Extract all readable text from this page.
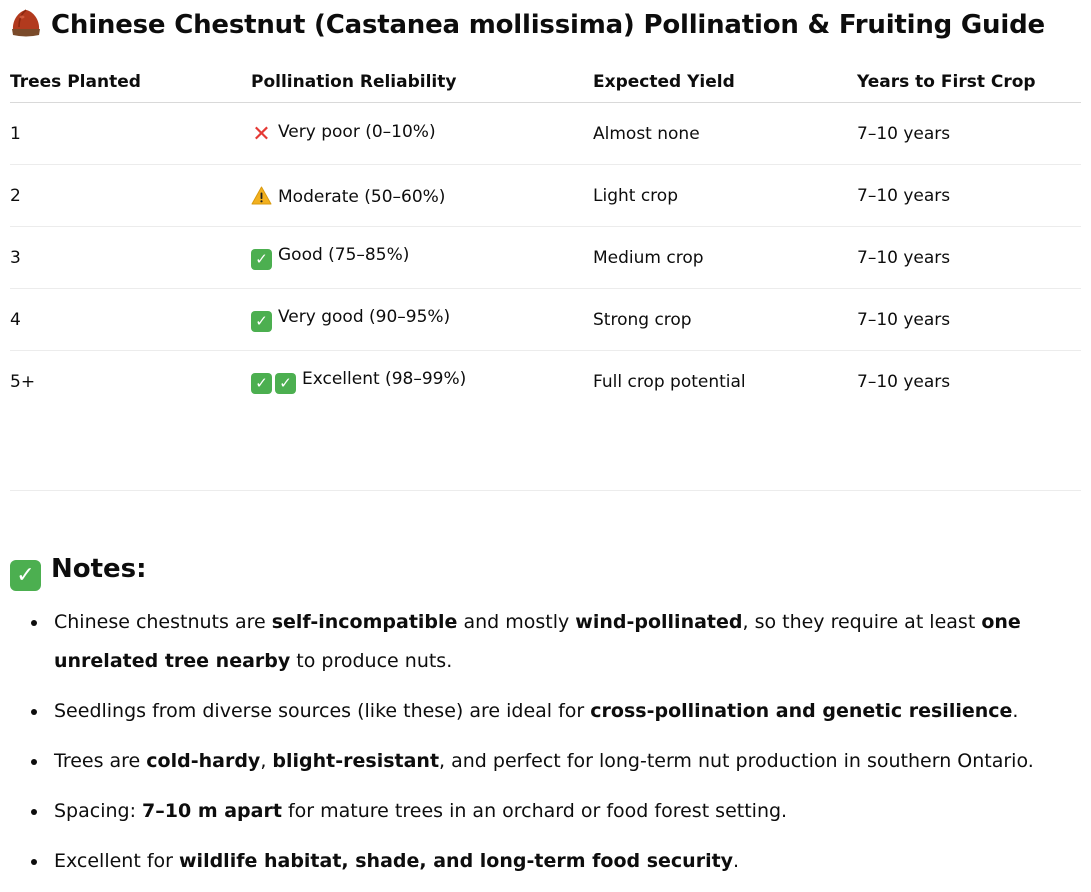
Chinese Chestnut (Castanea mollissima) Pollination & Fruiting Guide
Trees Planted	Pollination Reliability	Expected Yield	Years to First Crop
1	✕ Very poor (0–10%)	Almost none	7–10 years
2	Moderate (50–60%)	Light crop	7–10 years
3	✓ Good (75–85%)	Medium crop	7–10 years
4	✓ Very good (90–95%)	Strong crop	7–10 years
5+	✓ ✓ Excellent (98–99%)	Full crop potential	7–10 years
✓ Notes:
Chinese chestnuts are self-incompatible and mostly wind-pollinated, so they require at least one unrelated tree nearby to produce nuts.
Seedlings from diverse sources (like these) are ideal for cross-pollination and genetic resilience.
Trees are cold-hardy, blight-resistant, and perfect for long-term nut production in southern Ontario.
Spacing: 7–10 m apart for mature trees in an orchard or food forest setting.
Excellent for wildlife habitat, shade, and long-term food security.
